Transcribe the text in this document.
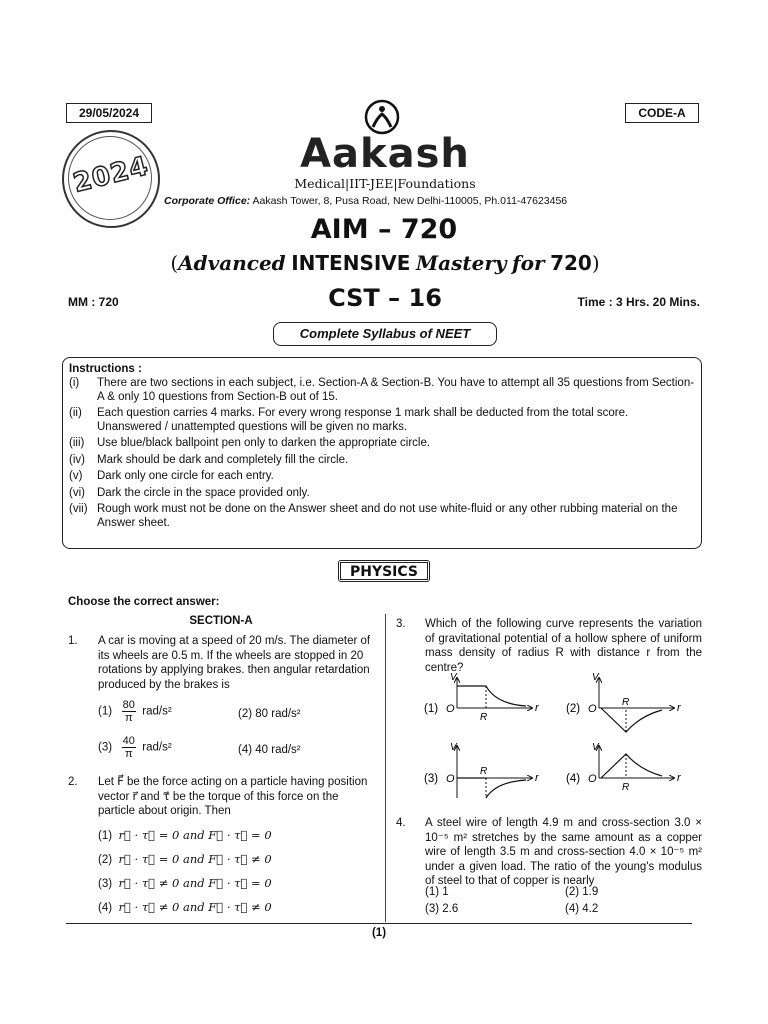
29/05/2024	CODE-A
2024	Aakash
Medical|IIT-JEE|Foundations
Corporate Office: Aakash Tower, 8, Pusa Road, New Delhi-110005, Ph.011-47623456
AIM – 720
(Advanced INTENSIVE Mastery for 720)
MM : 720	CST – 16	Time : 3 Hrs. 20 Mins.
Complete Syllabus of NEET
Instructions :
(i)	There are two sections in each subject, i.e. Section-A & Section-B. You have to attempt all 35 questions from Section-A & only 10 questions from Section-B out of 15.
(ii)	Each question carries 4 marks. For every wrong response 1 mark shall be deducted from the total score. Unanswered / unattempted questions will be given no marks.
(iii)	Use blue/black ballpoint pen only to darken the appropriate circle.
(iv)	Mark should be dark and completely fill the circle.
(v)	Dark only one circle for each entry.
(vi)	Dark the circle in the space provided only.
(vii)	Rough work must not be done on the Answer sheet and do not use white-fluid or any other rubbing material on the Answer sheet.
PHYSICS
Choose the correct answer:
SECTION-A
1. A car is moving at a speed of 20 m/s. The diameter of its wheels are 0.5 m. If the wheels are stopped in 20 rotations by applying brakes. then angular retardation produced by the brakes is
$(1) \frac{80}{\pi} rad/s^2$	(2) 80 rad/s²
$(3) \frac{40}{\pi} rad/s^2$	(4) 40 rad/s²
2. Let F⃗ be the force acting on a particle having position vector r⃗ and τ⃗ be the torque of this force on the particle about origin. Then
(1) r⃗ · τ⃗ = 0 and F⃗ · τ⃗ = 0
(2) r⃗ · τ⃗ = 0 and F⃗ · τ⃗ ≠ 0
(3) r⃗ · τ⃗ ≠ 0 and F⃗ · τ⃗ = 0
(4) r⃗ · τ⃗ ≠ 0 and F⃗ · τ⃗ ≠ 0
3. Which of the following curve represents the variation of gravitational potential of a hollow sphere of uniform mass density of radius R with distance r from the centre?
(1) O
V
r
R
(2) O
V
r
R
(3) O
V
r
R
(4) O
V
r
R
4. A steel wire of length 4.9 m and cross-section 3.0 × 10⁻⁵ m² stretches by the same amount as a copper wire of length 3.5 m and cross-section 4.0 × 10⁻⁵ m² under a given load. The ratio of the young's modulus of steel to that of copper is nearly
(1) 1	(2) 1.9
(3) 2.6	(4) 4.2
(1)
